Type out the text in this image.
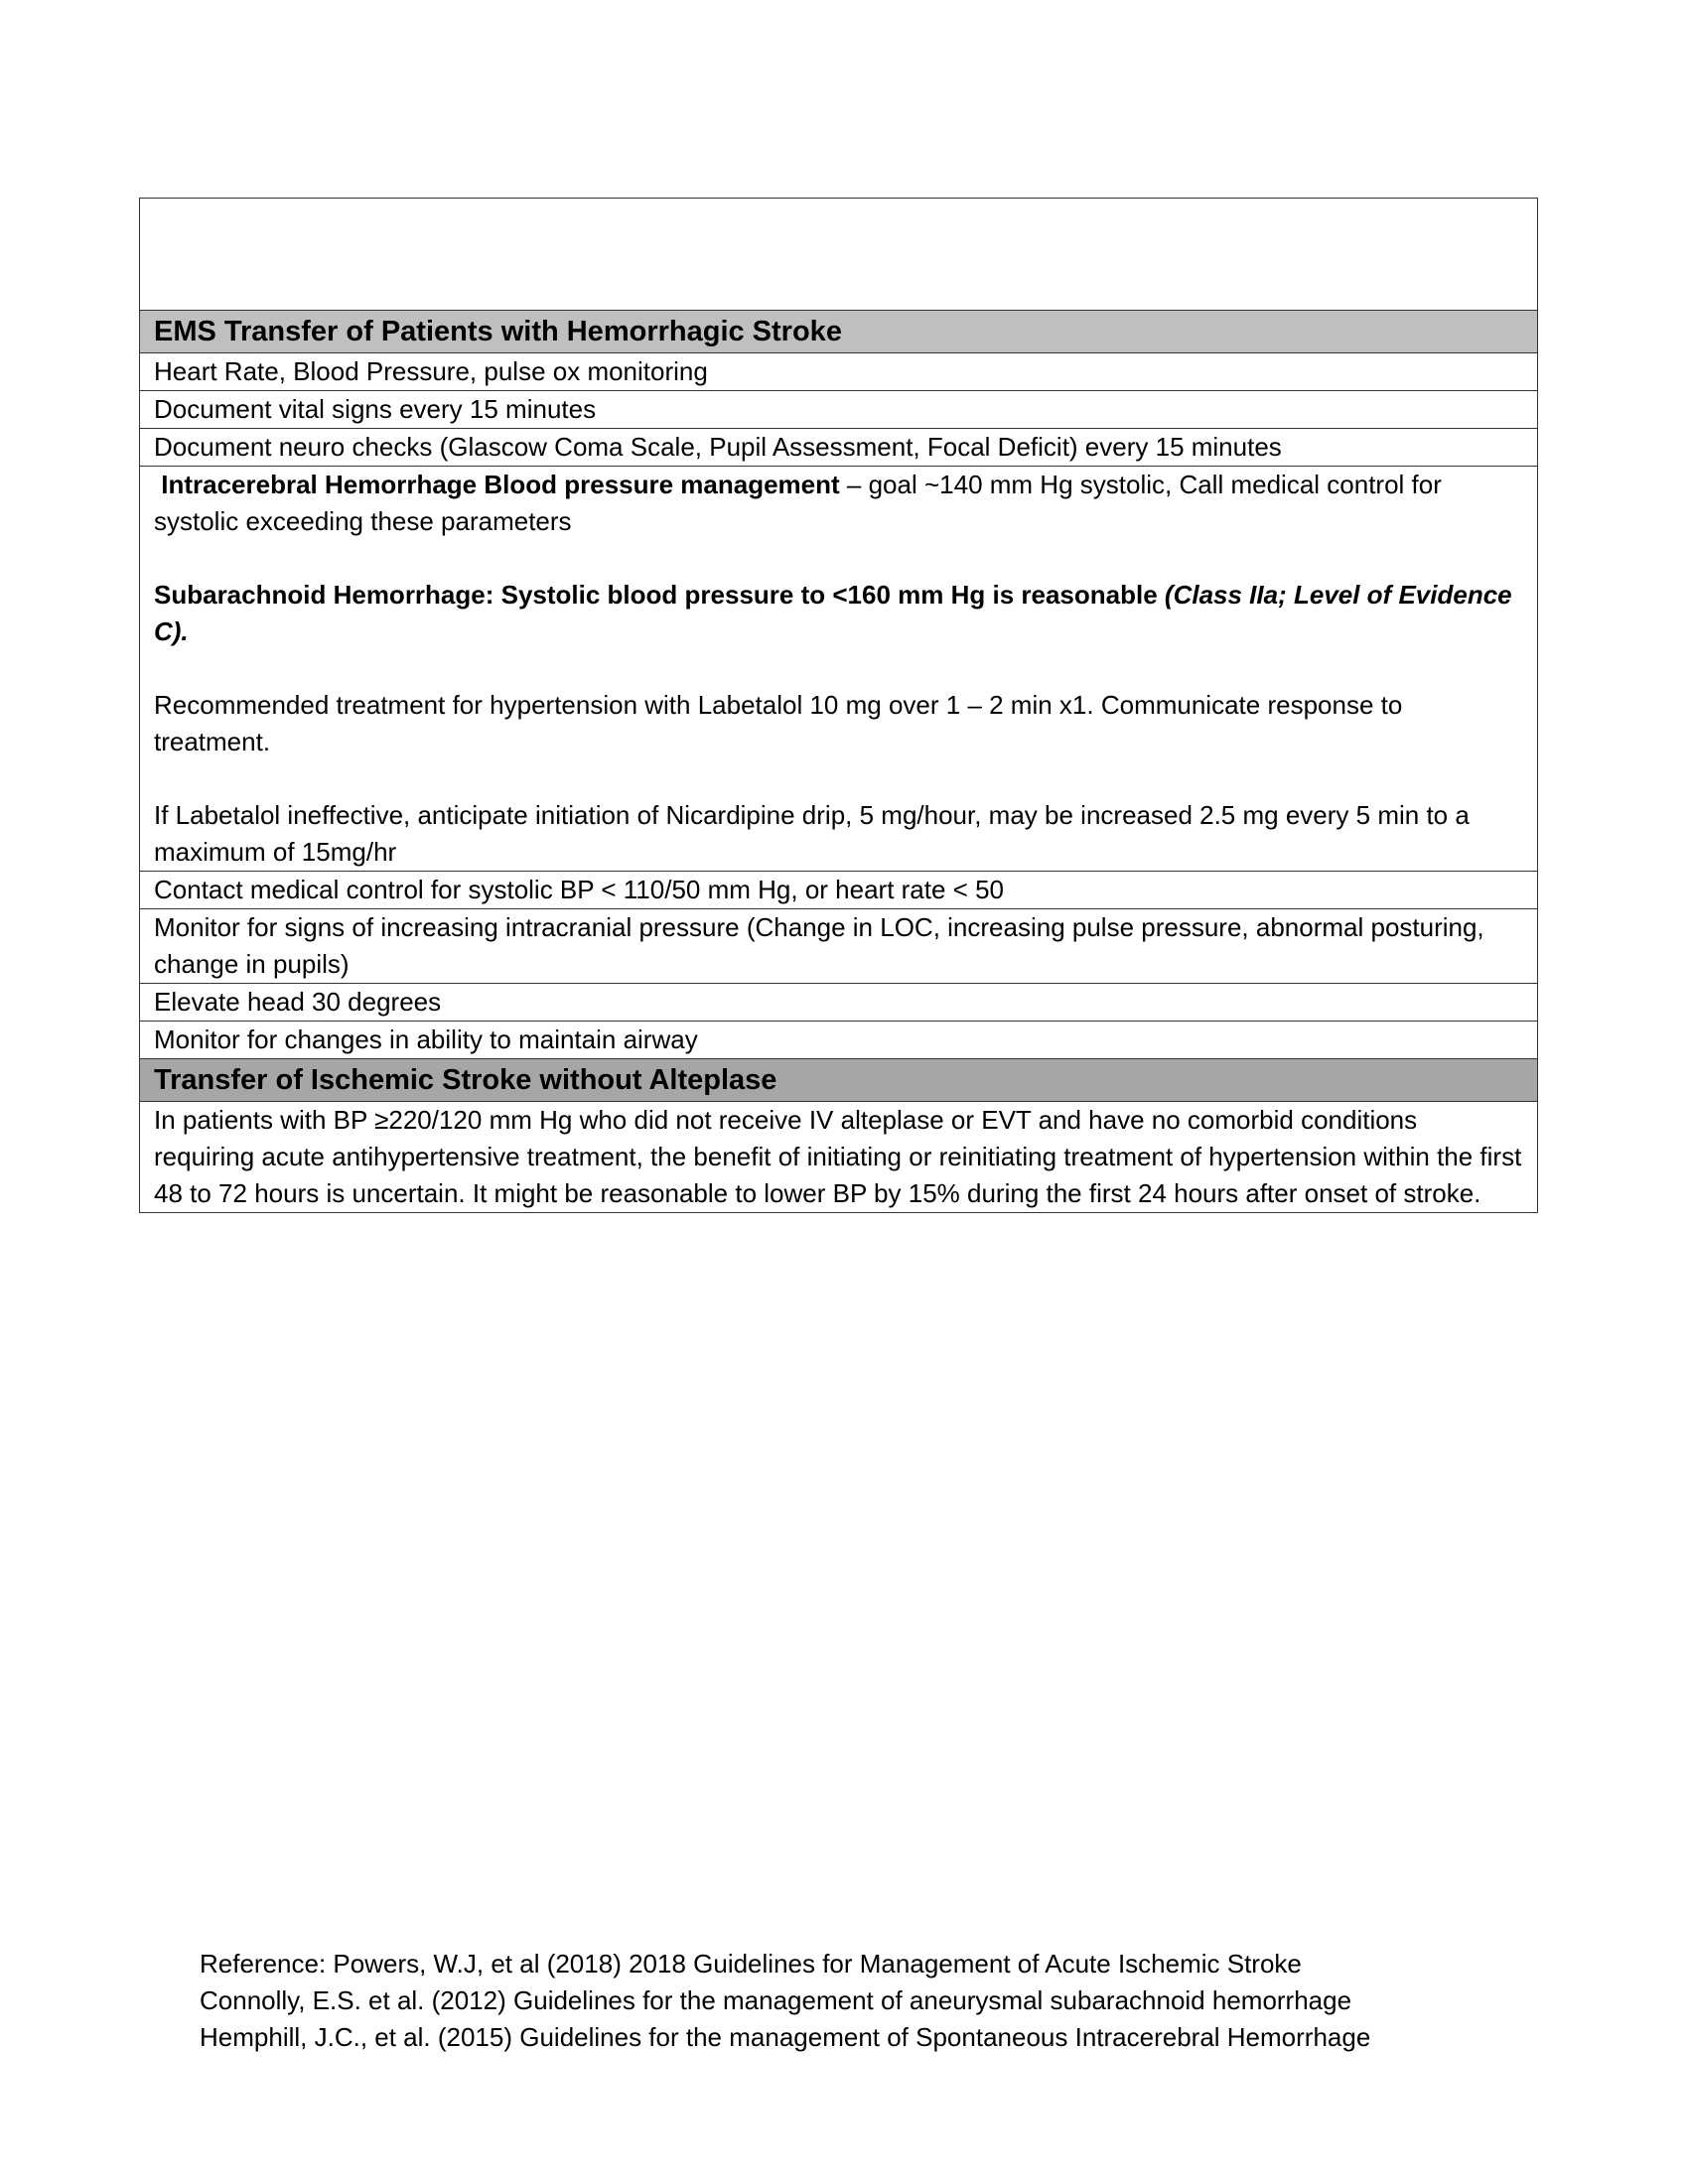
EMS Transfer of Patients with Hemorrhagic Stroke
Heart Rate, Blood Pressure, pulse ox monitoring
Document vital signs every 15 minutes
Document neuro checks (Glascow Coma Scale, Pupil Assessment, Focal Deficit) every 15 minutes

Intracerebral Hemorrhage Blood pressure management – goal ~140 mm Hg systolic, Call medical control for systolic exceeding these parameters
Subarachnoid Hemorrhage: Systolic blood pressure to <160 mm Hg is reasonable (Class IIa; Level of Evidence C).
Recommended treatment for hypertension with Labetalol 10 mg over 1 – 2 min x1. Communicate response to treatment.
If Labetalol ineffective, anticipate initiation of Nicardipine drip, 5 mg/hour, may be increased 2.5 mg every 5 min to a maximum of 15mg/hr

Contact medical control for systolic BP < 110/50 mm Hg, or heart rate < 50
Monitor for signs of increasing intracranial pressure (Change in LOC, increasing pulse pressure, abnormal posturing, change in pupils)
Elevate head 30 degrees
Monitor for changes in ability to maintain airway
Transfer of Ischemic Stroke without Alteplase
In patients with BP ≥220/120 mm Hg who did not receive IV alteplase or EVT and have no comorbid conditions requiring acute antihypertensive treatment, the benefit of initiating or reinitiating treatment of hypertension within the first 48 to 72 hours is uncertain. It might be reasonable to lower BP by 15% during the first 24 hours after onset of stroke.
Reference: Powers, W.J, et al (2018) 2018 Guidelines for Management of Acute Ischemic Stroke
Connolly, E.S. et al. (2012) Guidelines for the management of aneurysmal subarachnoid hemorrhage
Hemphill, J.C., et al. (2015) Guidelines for the management of Spontaneous Intracerebral Hemorrhage
